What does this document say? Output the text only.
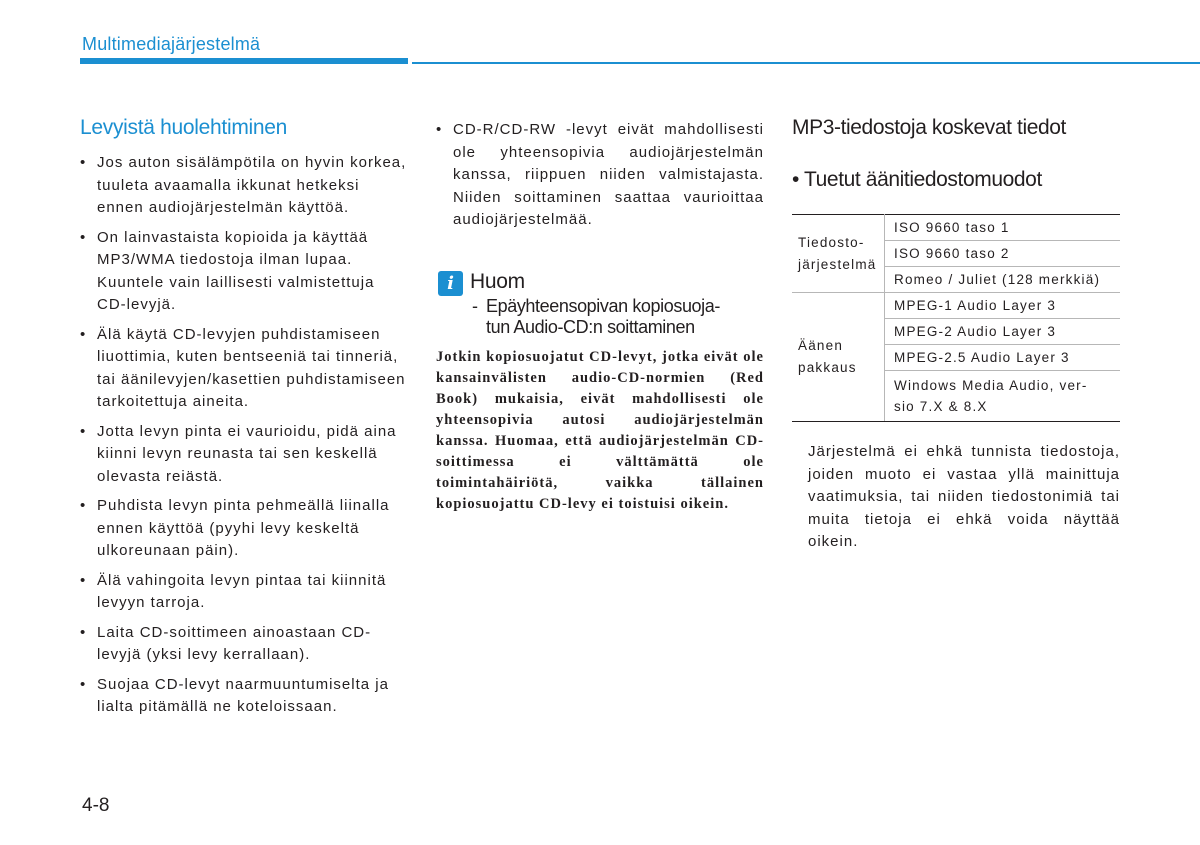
Multimediajärjestelmä
Levyistä huolehtiminen
• Jos auton sisälämpötila on hyvin korkea, tuuleta avaamalla ikkunat hetkeksi ennen audiojärjestelmän käyttöä.
• On lainvastaista kopioida ja käyttää MP3/WMA tiedostoja ilman lupaa. Kuuntele vain laillisesti valmistettuja CD-levyjä.
• Älä käytä CD-levyjen puhdistamiseen liuottimia, kuten bentseeniä tai tinneriä, tai äänilevyjen/kasettien puhdistamiseen tarkoitettuja aineita.
• Jotta levyn pinta ei vaurioidu, pidä aina kiinni levyn reunasta tai sen keskellä olevasta reiästä.
• Puhdista levyn pinta pehmeällä liinalla ennen käyttöä (pyyhi levy keskeltä ulkoreunaan päin).
• Älä vahingoita levyn pintaa tai kiinnitä levyyn tarroja.
• Laita CD-soittimeen ainoastaan CD-levyjä (yksi levy kerrallaan).
• Suojaa CD-levyt naarmuuntumiselta ja lialta pitämällä ne koteloissaan.
• CD-R/CD-RW -levyt eivät mahdollisesti ole yhteensopivia audiojärjestelmän kanssa, riippuen niiden valmistajasta. Niiden soittaminen saattaa vaurioittaa audiojärjestelmää.
i Huom
- Epäyhteensopivan kopiosuoja-
tun Audio-CD:n soittaminen
Jotkin kopiosuojatut CD-levyt, jotka eivät ole kansainvälisten audio-CD-normien (Red Book) mukaisia, eivät mahdollisesti ole yhteensopivia autosi audiojärjestelmän kanssa. Huomaa, että audiojärjestelmän CD-soittimessa ei välttämättä ole toimintahäiriötä, vaikka tällainen kopiosuojattu CD-levy ei toistuisi oikein.
MP3-tiedostoja koskevat tiedot
• Tuetut äänitiedostomuodot
Tiedosto-
järjestelmä	ISO 9660 taso 1
	ISO 9660 taso 2
	Romeo / Juliet (128 merkkiä)
Äänen
pakkaus	MPEG-1 Audio Layer 3
	MPEG-2 Audio Layer 3
	MPEG-2.5 Audio Layer 3
	Windows Media Audio, ver-
sio 7.X & 8.X
Järjestelmä ei ehkä tunnista tiedostoja, joiden muoto ei vastaa yllä mainittuja vaatimuksia, tai niiden tiedostonimiä tai muita tietoja ei ehkä voida näyttää oikein.
4-8
